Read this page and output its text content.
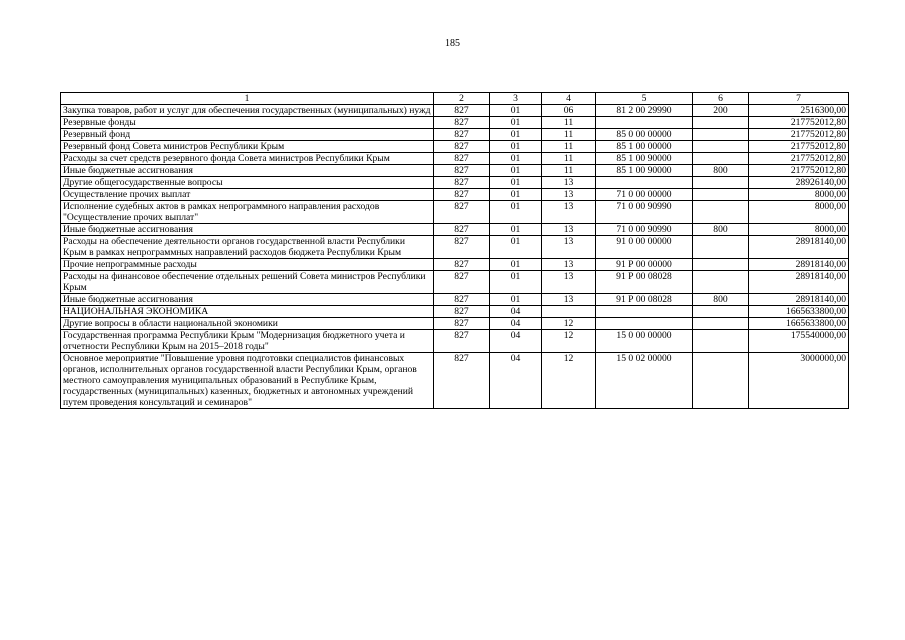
185
1	2	3	4	5	6	7
Закупка товаров, работ и услуг для обеспечения государственных (муниципальных) нужд	827	01	06	81 2 00 29990	200	2516300,00
Резервные фонды	827	01	11			217752012,80
Резервный фонд	827	01	11	85 0 00 00000		217752012,80
Резервный фонд Совета министров Республики Крым	827	01	11	85 1 00 00000		217752012,80
Расходы за счет средств резервного фонда Совета министров Республики Крым	827	01	11	85 1 00 90000		217752012,80
Иные бюджетные ассигнования	827	01	11	85 1 00 90000	800	217752012,80
Другие общегосударственные вопросы	827	01	13			28926140,00
Осуществление прочих выплат	827	01	13	71 0 00 00000		8000,00
Исполнение судебных актов в рамках непрограммного направления расходов "Осуществление прочих выплат"	827	01	13	71 0 00 90990		8000,00
Иные бюджетные ассигнования	827	01	13	71 0 00 90990	800	8000,00
Расходы на обеспечение деятельности органов государственной власти Республики Крым в рамках непрограммных направлений расходов бюджета Республики Крым	827	01	13	91 0 00 00000		28918140,00
Прочие непрограммные расходы	827	01	13	91 Р 00 00000		28918140,00
Расходы на финансовое обеспечение отдельных решений Совета министров Республики Крым	827	01	13	91 Р 00 08028		28918140,00
Иные бюджетные ассигнования	827	01	13	91 Р 00 08028	800	28918140,00
НАЦИОНАЛЬНАЯ ЭКОНОМИКА	827	04				1665633800,00
Другие вопросы в области национальной экономики	827	04	12			1665633800,00
Государственная программа Республики Крым "Модернизация бюджетного учета и отчетности Республики Крым на 2015–2018 годы"	827	04	12	15 0 00 00000		175540000,00
Основное мероприятие "Повышение уровня подготовки специалистов финансовых органов, исполнительных органов государственной власти Республики Крым, органов местного самоуправления муниципальных образований в Республике Крым, государственных (муниципальных) казенных, бюджетных и автономных учреждений путем проведения консультаций и семинаров"	827	04	12	15 0 02 00000		3000000,00
